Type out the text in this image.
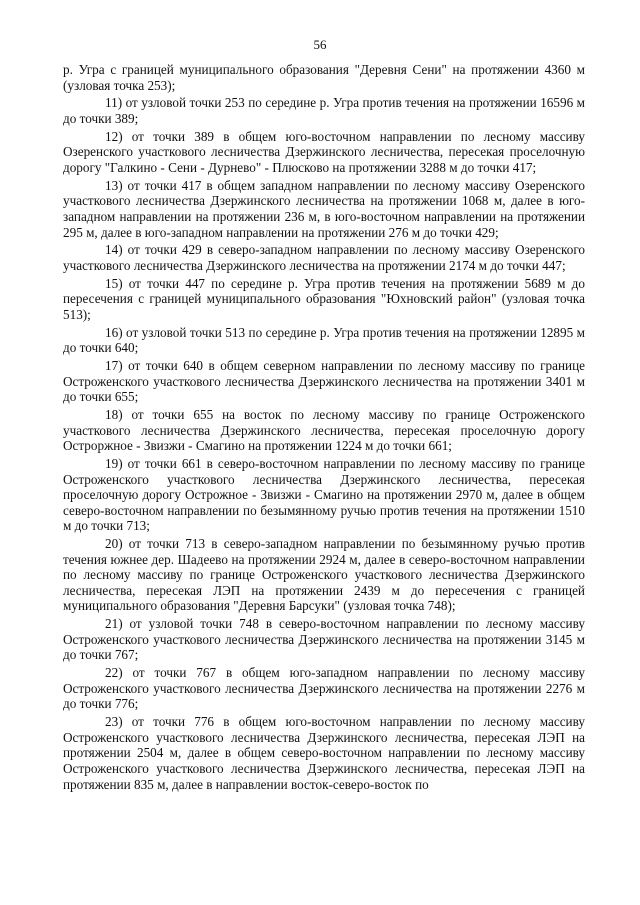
56

р. Угра с границей муниципального образования "Деревня Сени" на протяжении 4360 м (узловая точка 253);

11) от узловой точки 253 по середине р. Угра против течения на протяжении 16596 м до точки 389;

12) от точки 389 в общем юго-восточном направлении по лесному массиву Озеренского участкового лесничества Дзержинского лесничества, пересекая проселочную дорогу "Галкино - Сени - Дурнево" - Плюсково на протяжении 3288 м до точки 417;

13) от точки 417 в общем западном направлении по лесному массиву Озеренского участкового лесничества Дзержинского лесничества на протяжении 1068 м, далее в юго-западном направлении на протяжении 236 м, в юго-восточном направлении на протяжении 295 м, далее в юго-западном направлении на протяжении 276 м до точки 429;

14) от точки 429 в северо-западном направлении по лесному массиву Озеренского участкового лесничества Дзержинского лесничества на протяжении 2174 м до точки 447;

15) от точки 447 по середине р. Угра против течения на протяжении 5689 м до пересечения с границей муниципального образования "Юхновский район" (узловая точка 513);

16) от узловой точки 513 по середине р. Угра против течения на протяжении 12895 м до точки 640;

17) от точки 640 в общем северном направлении по лесному массиву по границе Остроженского участкового лесничества Дзержинского лесничества на протяжении 3401 м до точки 655;

18) от точки 655 на восток по лесному массиву по границе Остроженского участкового лесничества Дзержинского лесничества, пересекая проселочную дорогу Остроржное - Звизжи - Смагино на протяжении 1224 м до точки 661;

19) от точки 661 в северо-восточном направлении по лесному массиву по границе Остроженского участкового лесничества Дзержинского лесничества, пересекая проселочную дорогу Острожное - Звизжи - Смагино на протяжении 2970 м, далее в общем северо-восточном направлении по безымянному ручью против течения на протяжении 1510 м до точки 713;

20) от точки 713 в северо-западном направлении по безымянному ручью против течения южнее дер. Шадеево на протяжении 2924 м, далее в северо-восточном направлении по лесному массиву по границе Остроженского участкового лесничества Дзержинского лесничества, пересекая ЛЭП на протяжении 2439 м до пересечения с границей муниципального образования "Деревня Барсуки" (узловая точка 748);

21) от узловой точки 748 в северо-восточном направлении по лесному массиву Остроженского участкового лесничества Дзержинского лесничества на протяжении 3145 м до точки 767;

22) от точки 767 в общем юго-западном направлении по лесному массиву Остроженского участкового лесничества Дзержинского лесничества на протяжении 2276 м до точки 776;

23) от точки 776 в общем юго-восточном направлении по лесному массиву Остроженского участкового лесничества Дзержинского лесничества, пересекая ЛЭП на протяжении 2504 м, далее в общем северо-восточном направлении по лесному массиву Остроженского участкового лесничества Дзержинского лесничества, пересекая ЛЭП на протяжении 835 м, далее в направлении восток-северо-восток по
